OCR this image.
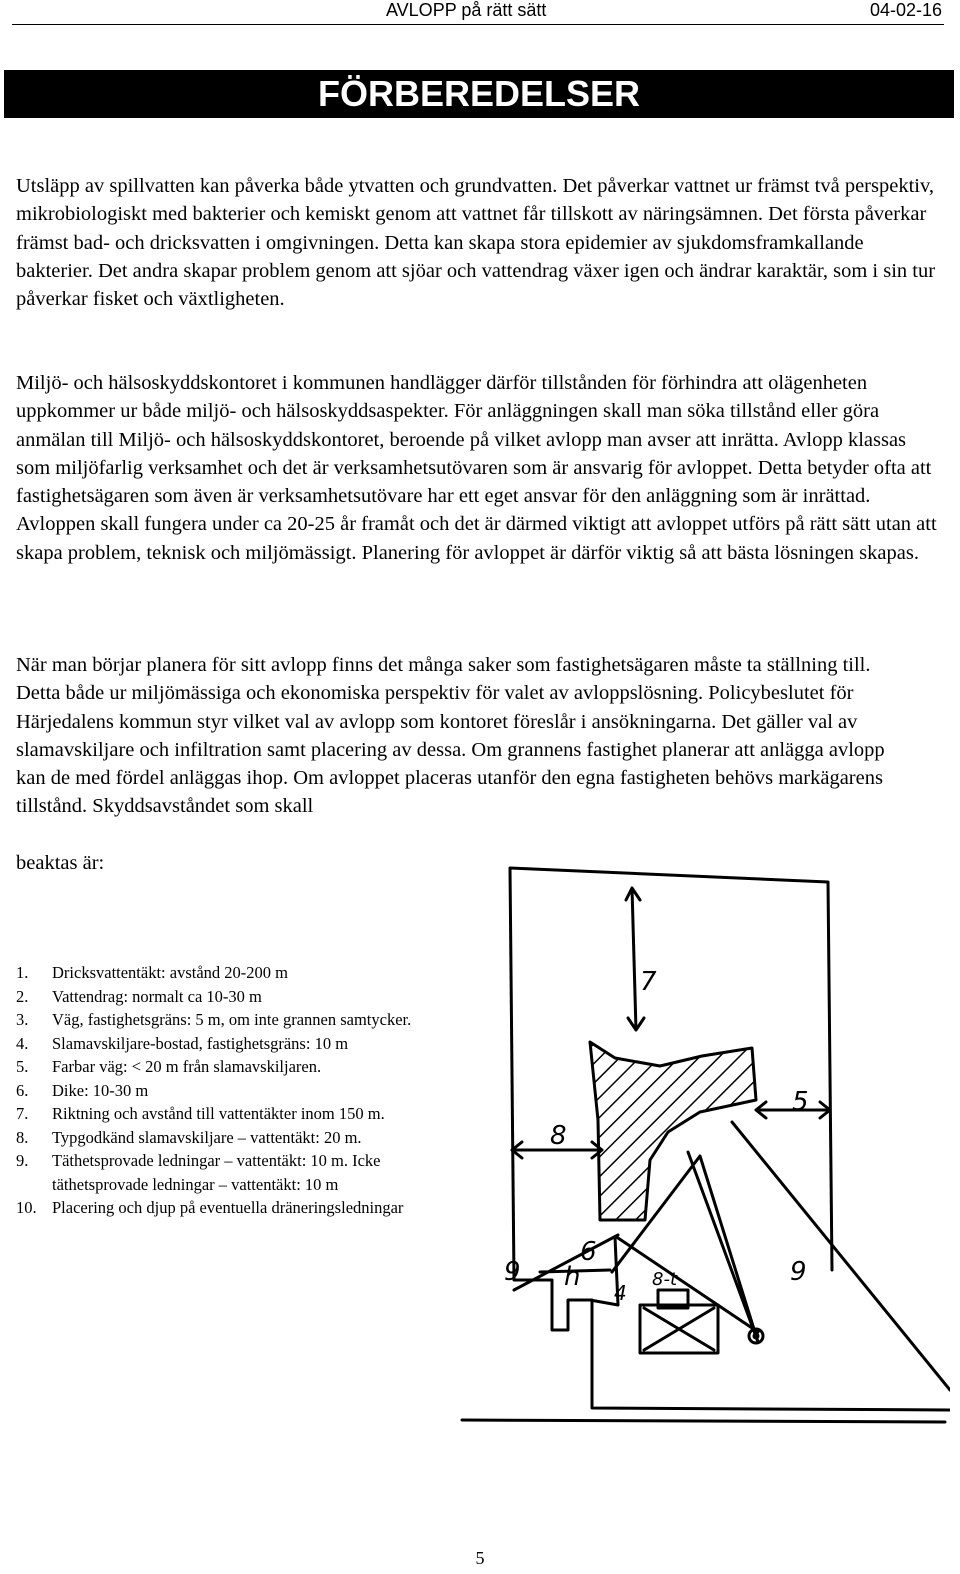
AVLOPP på rätt sätt	04-02-16
FÖRBEREDELSER

Utsläpp av spillvatten kan påverka både ytvatten och grundvatten. Det påverkar vattnet ur främst två perspektiv, mikrobiologiskt med bakterier och kemiskt genom att vattnet får tillskott av näringsämnen. Det första påverkar främst bad- och dricksvatten i omgivningen. Detta kan skapa stora epidemier av sjukdomsframkallande bakterier. Det andra skapar problem genom att sjöar och vattendrag växer igen och ändrar karaktär, som i sin tur påverkar fisket och växtligheten.

Miljö- och hälsoskyddskontoret i kommunen handlägger därför tillstånden för förhindra att olägenheten uppkommer ur både miljö- och hälsoskyddsaspekter. För anläggningen skall man söka tillstånd eller göra anmälan till Miljö- och hälsoskyddskontoret, beroende på vilket avlopp man avser att inrätta. Avlopp klassas som miljöfarlig verksamhet och det är verksamhetsutövaren som är ansvarig för avloppet. Detta betyder ofta att fastighetsägaren som även är verksamhetsutövare har ett eget ansvar för den anläggning som är inrättad. Avloppen skall fungera under ca 20-25 år framåt och det är därmed viktigt att avloppet utförs på rätt sätt utan att skapa problem, teknisk och miljömässigt. Planering för avloppet är därför viktig så att bästa lösningen skapas.

När man börjar planera för sitt avlopp finns det många saker som fastighetsägaren måste ta ställning till. Detta både ur miljömässiga och ekonomiska perspektiv för valet av avloppslösning. Policybeslutet för Härjedalens kommun styr vilket val av avlopp som kontoret föreslår i ansökningarna. Det gäller val av slamavskiljare och infiltration samt placering av dessa. Om grannens fastighet planerar att anlägga avlopp kan de med fördel anläggas ihop. Om avloppet placeras utanför den egna fastigheten behövs markägarens tillstånd. Skyddsavståndet som skall

beaktas är:

1. Dricksvattentäkt: avstånd 20-200 m
2. Vattendrag: normalt ca 10-30 m
3. Väg, fastighetsgräns: 5 m, om inte grannen samtycker.
4. Slamavskiljare-bostad, fastighetsgräns: 10 m
5. Farbar väg: < 20 m från slamavskiljaren.
6. Dike: 10-30 m
7. Riktning och avstånd till vattentäkter inom 150 m.
8. Typgodkänd slamavskiljare – vattentäkt: 20 m.
9. Täthetsprovade ledningar – vattentäkt: 10 m. Icke täthetsprovade ledningar – vattentäkt: 10 m
10. Placering och djup på eventuella dräneringsledningar
7
5
8
6
h
9	9
8-t
4
5
